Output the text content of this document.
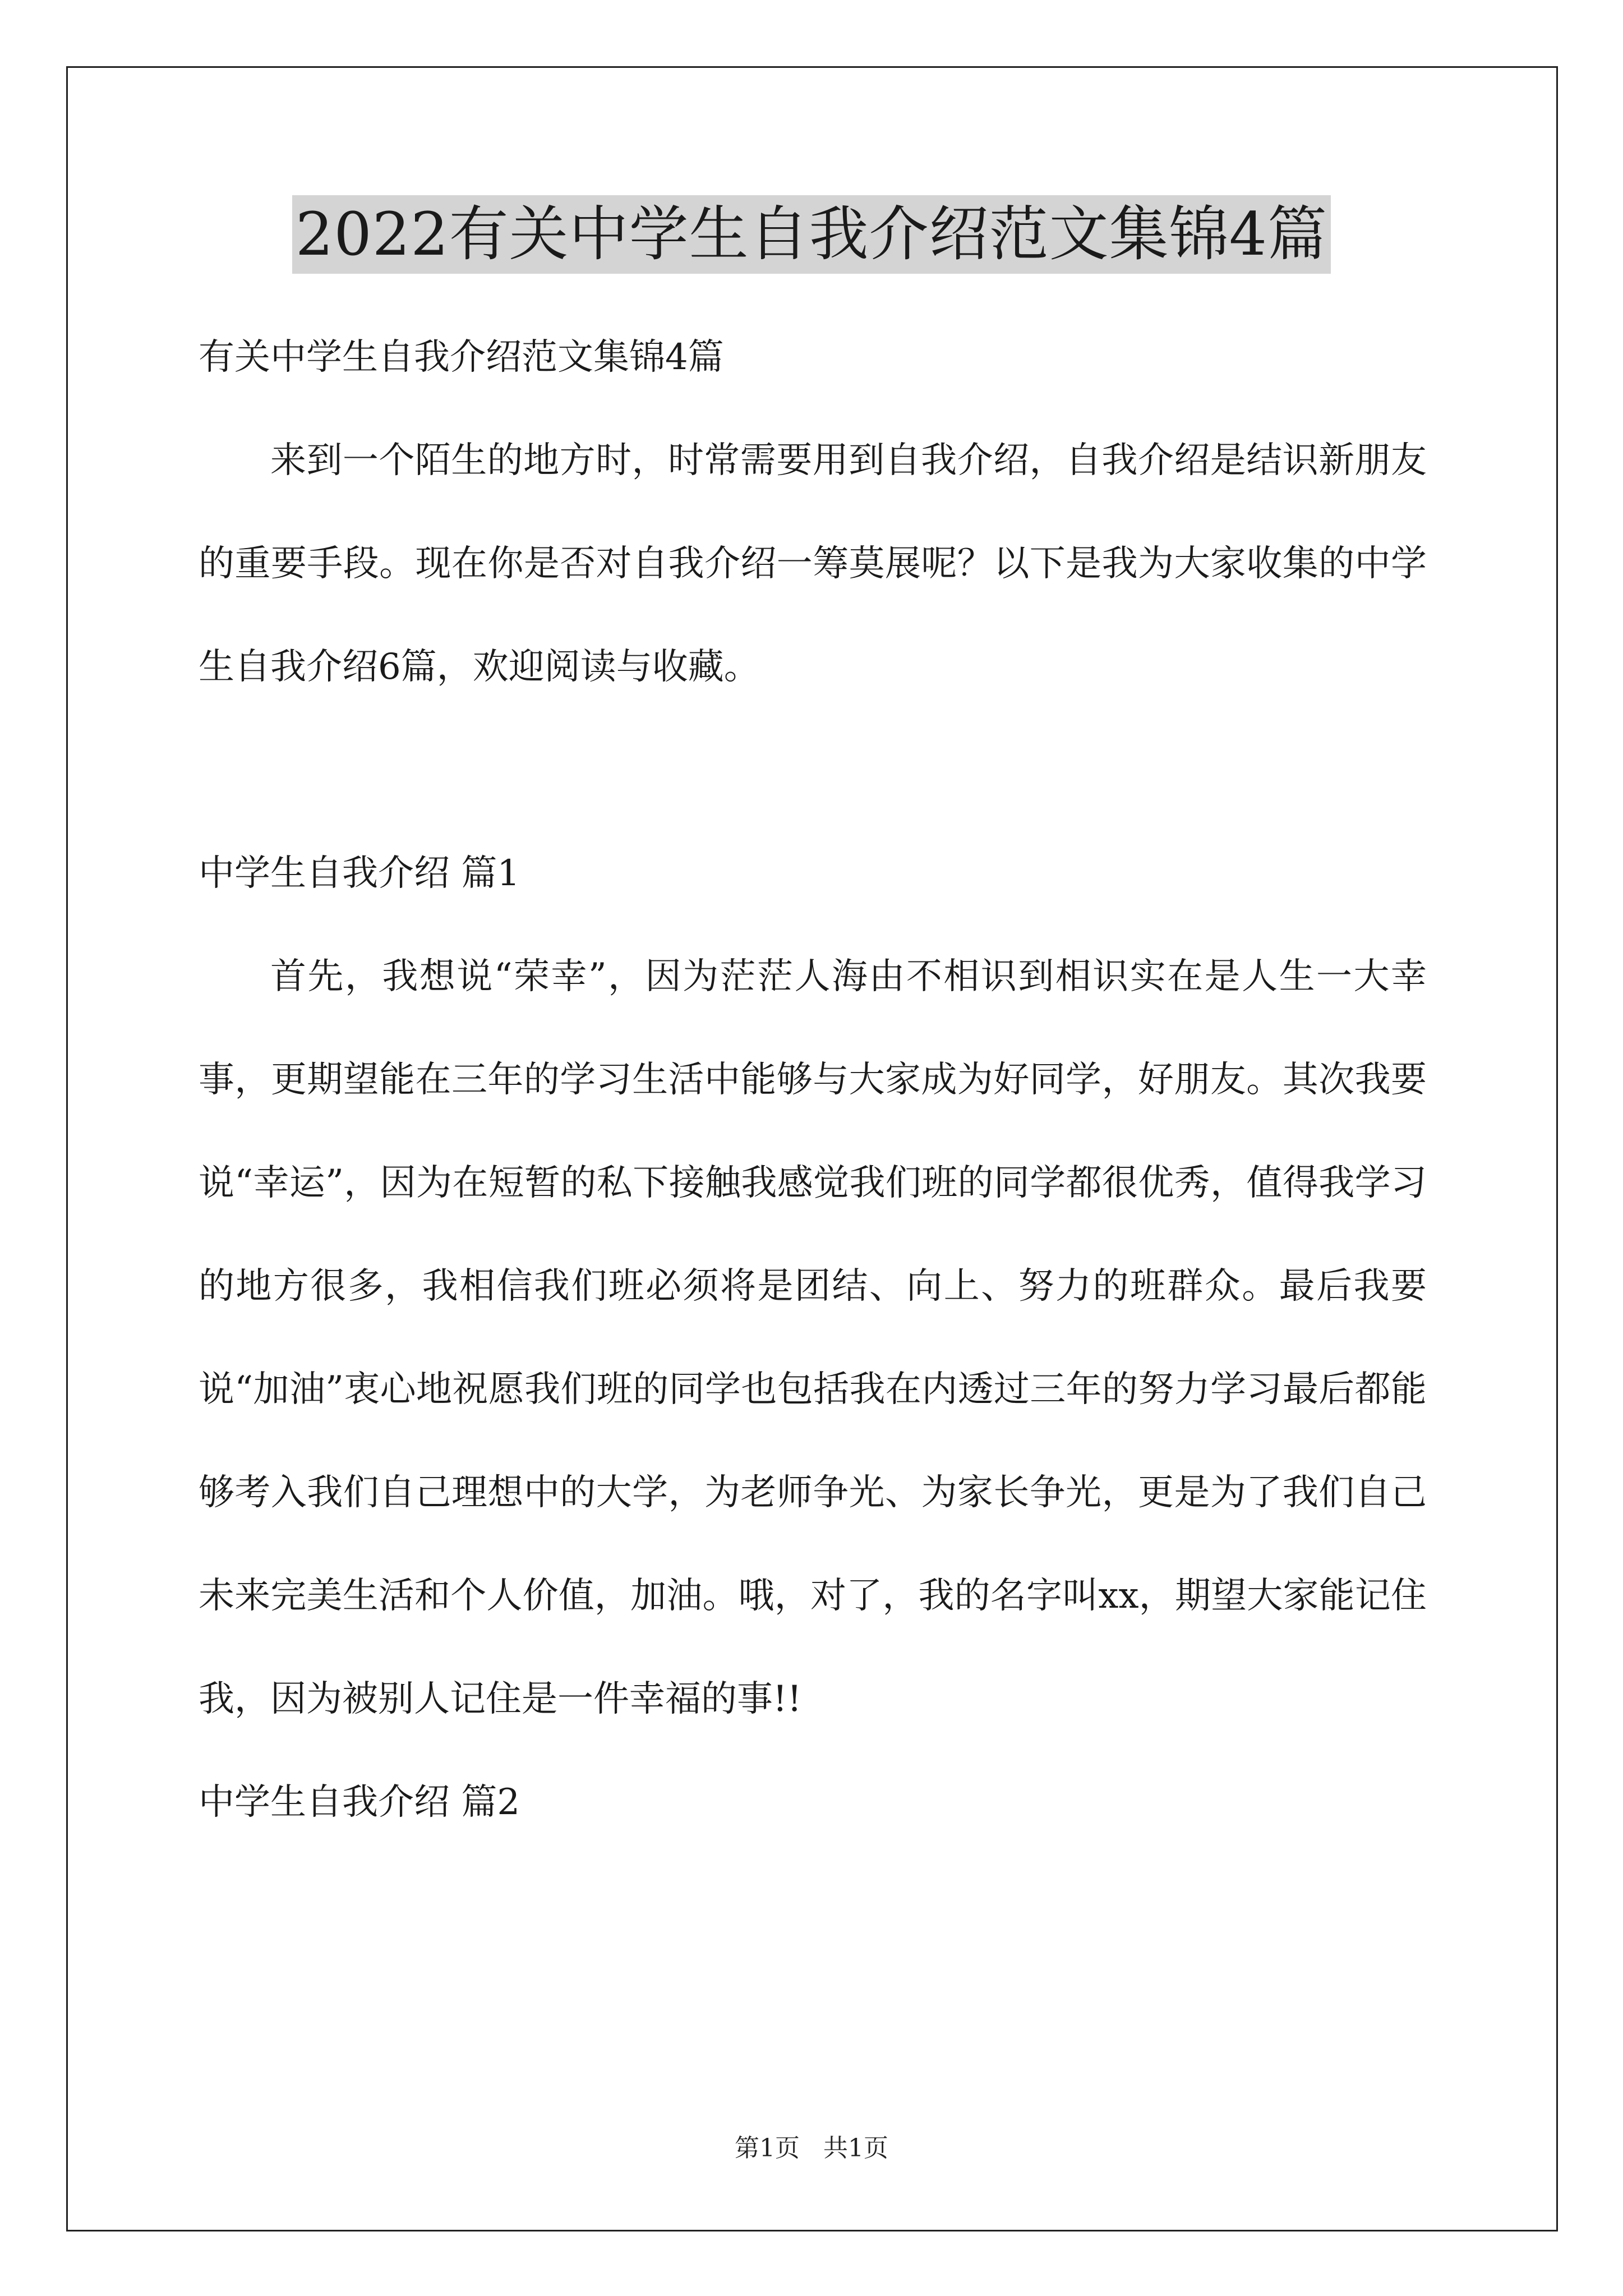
2022有关中学生自我介绍范文集锦4篇

有关中学生自我介绍范文集锦4篇

来到一个陌生的地方时，时常需要用到自我介绍，自我介绍是结识新朋友的重要手段。现在你是否对自我介绍一筹莫展呢？以下是我为大家收集的中学生自我介绍6篇，欢迎阅读与收藏。

中学生自我介绍 篇1

首先，我想说“荣幸”，因为茫茫人海由不相识到相识实在是人生一大幸事，更期望能在三年的学习生活中能够与大家成为好同学，好朋友。其次我要说“幸运”，因为在短暂的私下接触我感觉我们班的同学都很优秀，值得我学习的地方很多，我相信我们班必须将是团结、向上、努力的班群众。最后我要说“加油”衷心地祝愿我们班的同学也包括我在内透过三年的努力学习最后都能够考入我们自己理想中的大学，为老师争光、为家长争光，更是为了我们自己未来完美生活和个人价值，加油。哦，对了，我的名字叫xx，期望大家能记住我，因为被别人记住是一件幸福的事!!

中学生自我介绍 篇2

第1页   共1页
